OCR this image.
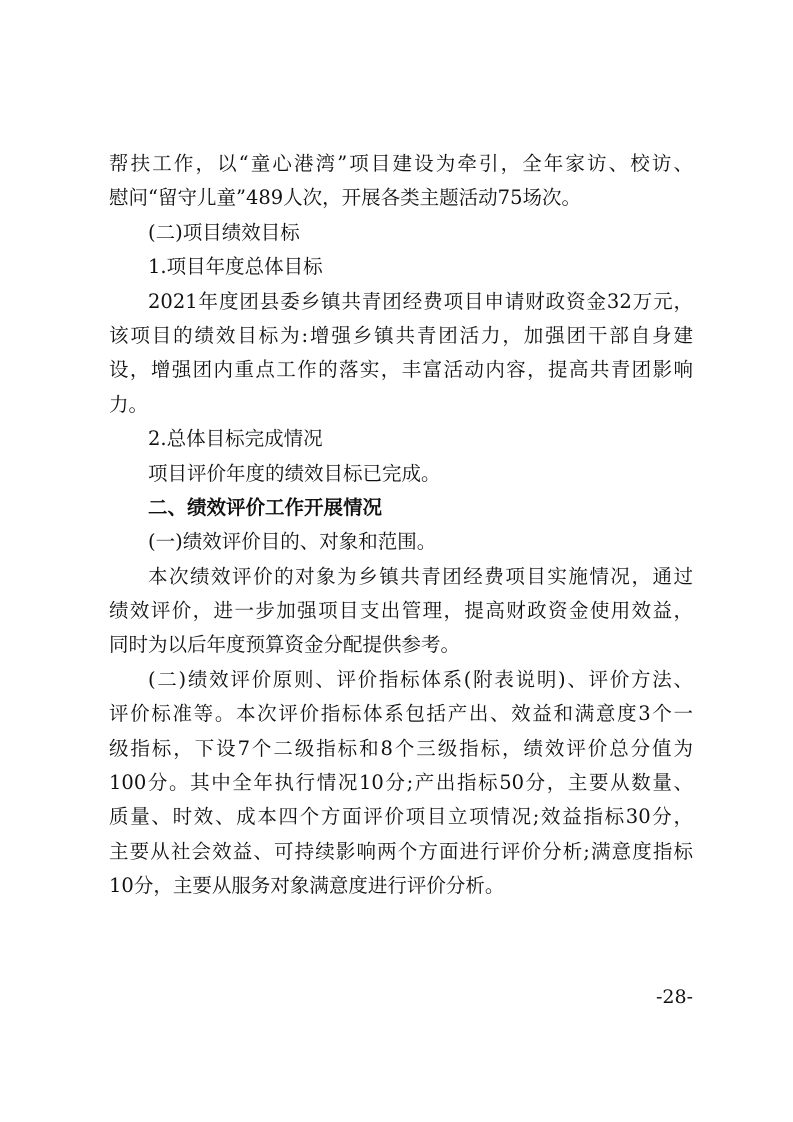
帮扶工作，以“童心港湾”项目建设为牵引，全年家访、校访、
慰问“留守儿童”489人次，开展各类主题活动75场次。
(二)项目绩效目标
1.项目年度总体目标
2021年度团县委乡镇共青团经费项目申请财政资金32万元，
该项目的绩效目标为:增强乡镇共青团活力，加强团干部自身建
设，增强团内重点工作的落实，丰富活动内容，提高共青团影响
力。
2.总体目标完成情况
项目评价年度的绩效目标已完成。
二、绩效评价工作开展情况
(一)绩效评价目的、对象和范围。
本次绩效评价的对象为乡镇共青团经费项目实施情况，通过
绩效评价，进一步加强项目支出管理，提高财政资金使用效益，
同时为以后年度预算资金分配提供参考。
(二)绩效评价原则、评价指标体系(附表说明)、评价方法、
评价标准等。本次评价指标体系包括产出、效益和满意度3个一
级指标，下设7个二级指标和8个三级指标，绩效评价总分值为
100分。其中全年执行情况10分;产出指标50分，主要从数量、
质量、时效、成本四个方面评价项目立项情况;效益指标30分，
主要从社会效益、可持续影响两个方面进行评价分析;满意度指标
10分，主要从服务对象满意度进行评价分析。
-28-
